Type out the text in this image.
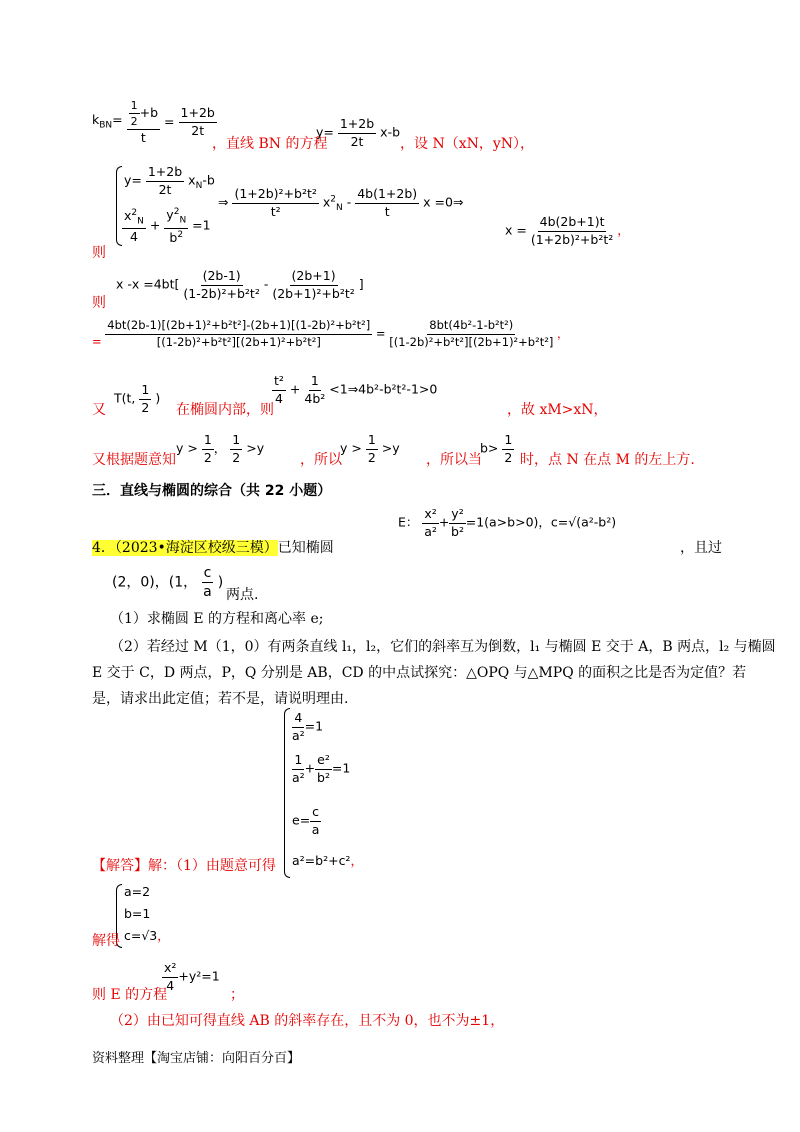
$k_{BN}= \frac{\frac{1}{2} +b}{t} = \frac{1+2b}{2t}$
，直线 BN 的方程
$y= \frac{1+2b}{2t} x-b$
，设 N（xN，yN），
$y= \frac{1+2b}{2t} x_N-b$
$\frac{x^2_N}{4} + \frac{y^2_N}{b^2} =1$
⇒ $\frac{\text{(1+2b)²+b²t²}}{\text{t²}} x^2_N - \frac{4b(1+2b)}{t}$ x =0⇒
则
$x = \frac{4b(2b+1)t}{\text{(1+2b)²+b²t²}}$ ，
x $-x =4bt[ \frac{(2b-1)}{\text{(1-2b)²+b²t²}} - \frac{(2b+1)}{\text{(2b+1)²+b²t²}}$ ]
则
= $\frac{\text{4bt(2b-1)[(2b+1)²+b²t²]-(2b+1)[(1-2b)²+b²t²]}}{\text{[(1-2b)²+b²t²][(2b+1)²+b²t²]}} = \frac{\text{8bt(4b²-1-b²t²)}}{\text{[(1-2b)²+b²t²][(2b+1)²+b²t²]}}$ ，
又
T(t, $\frac{1}{2}$ )
在椭圆内部，则
$\frac{\text{t²}}{4} + \frac{1}{\text{4b²}}$ <1⇒4b²-b²t²-1>0
，故 xM>xN，
又根据题意知
$y > \frac{1}{2}$ ， $\frac{1}{2} >y$
，所以
$y > \frac{1}{2} >y$
，所以当
$b> \frac{1}{2}$ 时，点 N 在点 M 的左上方.
三．直线与椭圆的综合（共 22 小题）
E： $\frac{\text{x²}}{\text{a²}} + \frac{\text{y²}}{\text{b²}} =1(a>b>0)$，c=√(a²-b²)
4．（2023•海淀区校级三模）已知椭圆	，且过
(2，0)，(1， $\frac{c}{a}$ )
两点.
（1）求椭圆 E 的方程和离心率 e;
（2）若经过 M（1，0）有两条直线 l₁，l₂，它们的斜率互为倒数，l₁ 与椭圆 E 交于 A，B 两点，l₂ 与椭圆
E 交于 C，D 两点，P，Q 分别是 AB，CD 的中点试探究：△OPQ 与△MPQ 的面积之比是否为定值？若
是，请求出此定值；若不是，请说明理由.
$\frac{4}{\text{a²}} =1$
$\frac{1}{\text{a²}} + \frac{\text{e²}}{\text{b²}} =1$
$e= \frac{c}{a}$
【解答】解：（1）由题意可得 a²=b²+c²，
a=2
b=1
解得 c=√3，
$\frac{\text{x²}}{4} +y^2=1$
则 E 的方程	；
（2）由已知可得直线 AB 的斜率存在，且不为 0，也不为±1，
资料整理【淘宝店铺：向阳百分百】
